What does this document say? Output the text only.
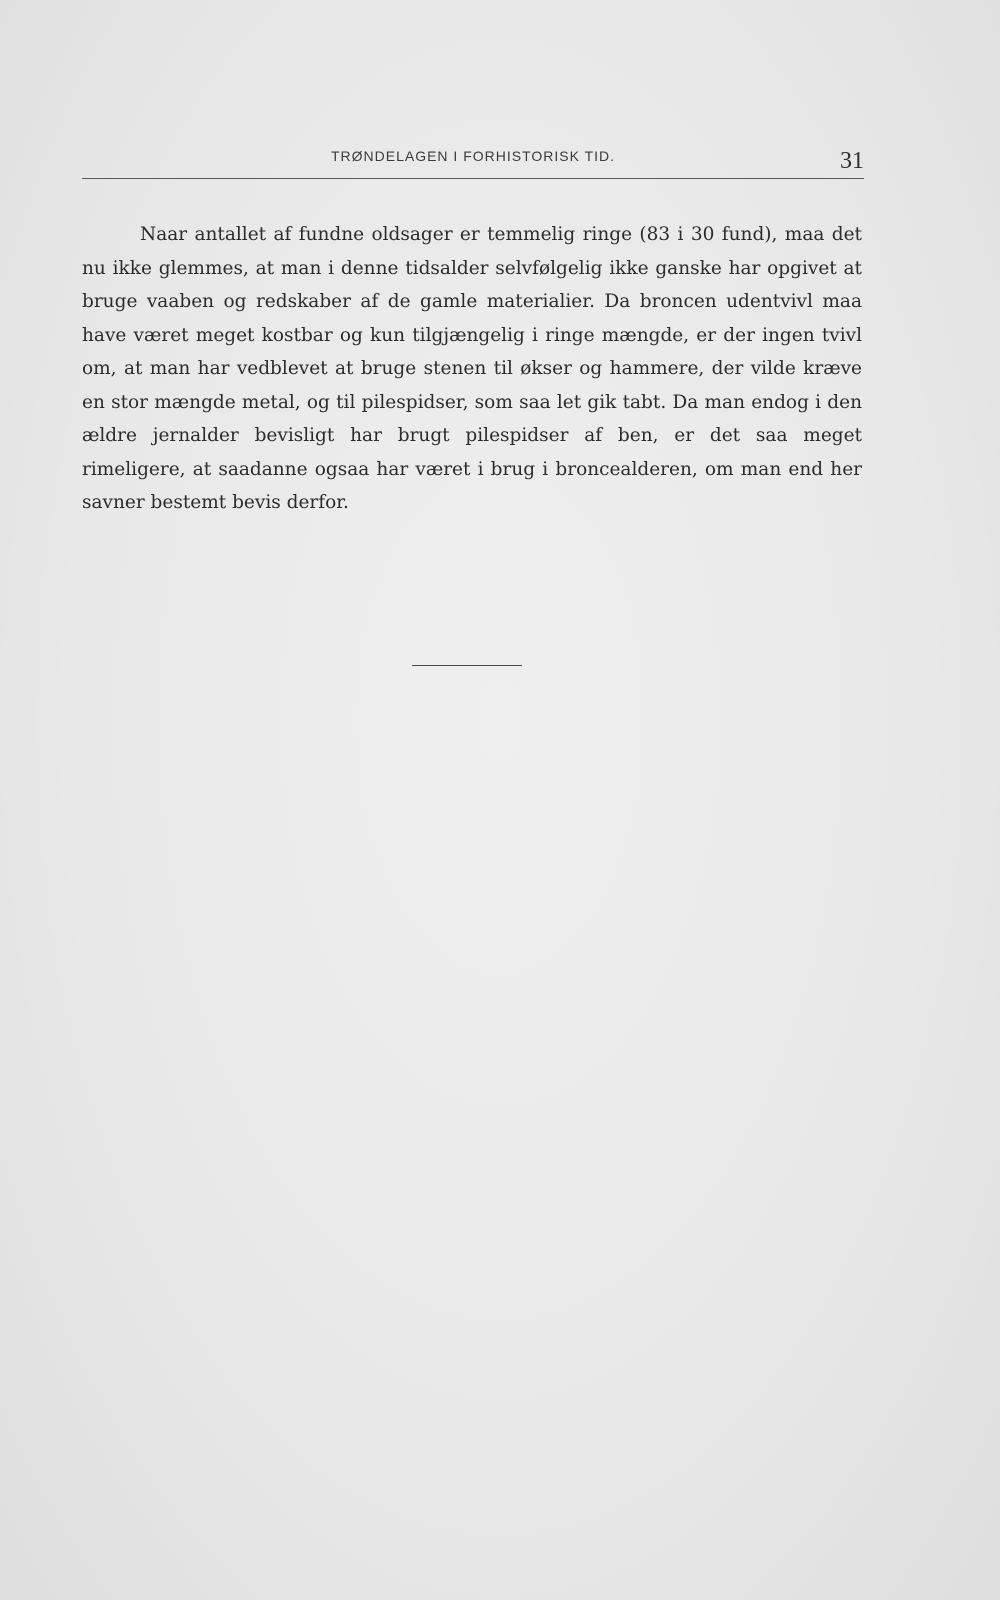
TRØNDELAGEN I FORHISTORISK TID.	31

Naar antallet af fundne oldsager er temmelig ringe (83 i 30 fund), maa det nu ikke glemmes, at man i denne tidsalder selvfølgelig ikke ganske har opgivet at bruge vaaben og redskaber af de gamle materialier. Da broncen udentvivl maa have været meget kostbar og kun tilgjængelig i ringe mængde, er der ingen tvivl om, at man har vedblevet at bruge stenen til økser og hammere, der vilde kræve en stor mængde metal, og til pilespidser, som saa let gik tabt. Da man endog i den ældre jernalder bevisligt har brugt pilespidser af ben, er det saa meget rimeligere, at saadanne ogsaa har været i brug i broncealderen, om man end her savner bestemt bevis derfor.
